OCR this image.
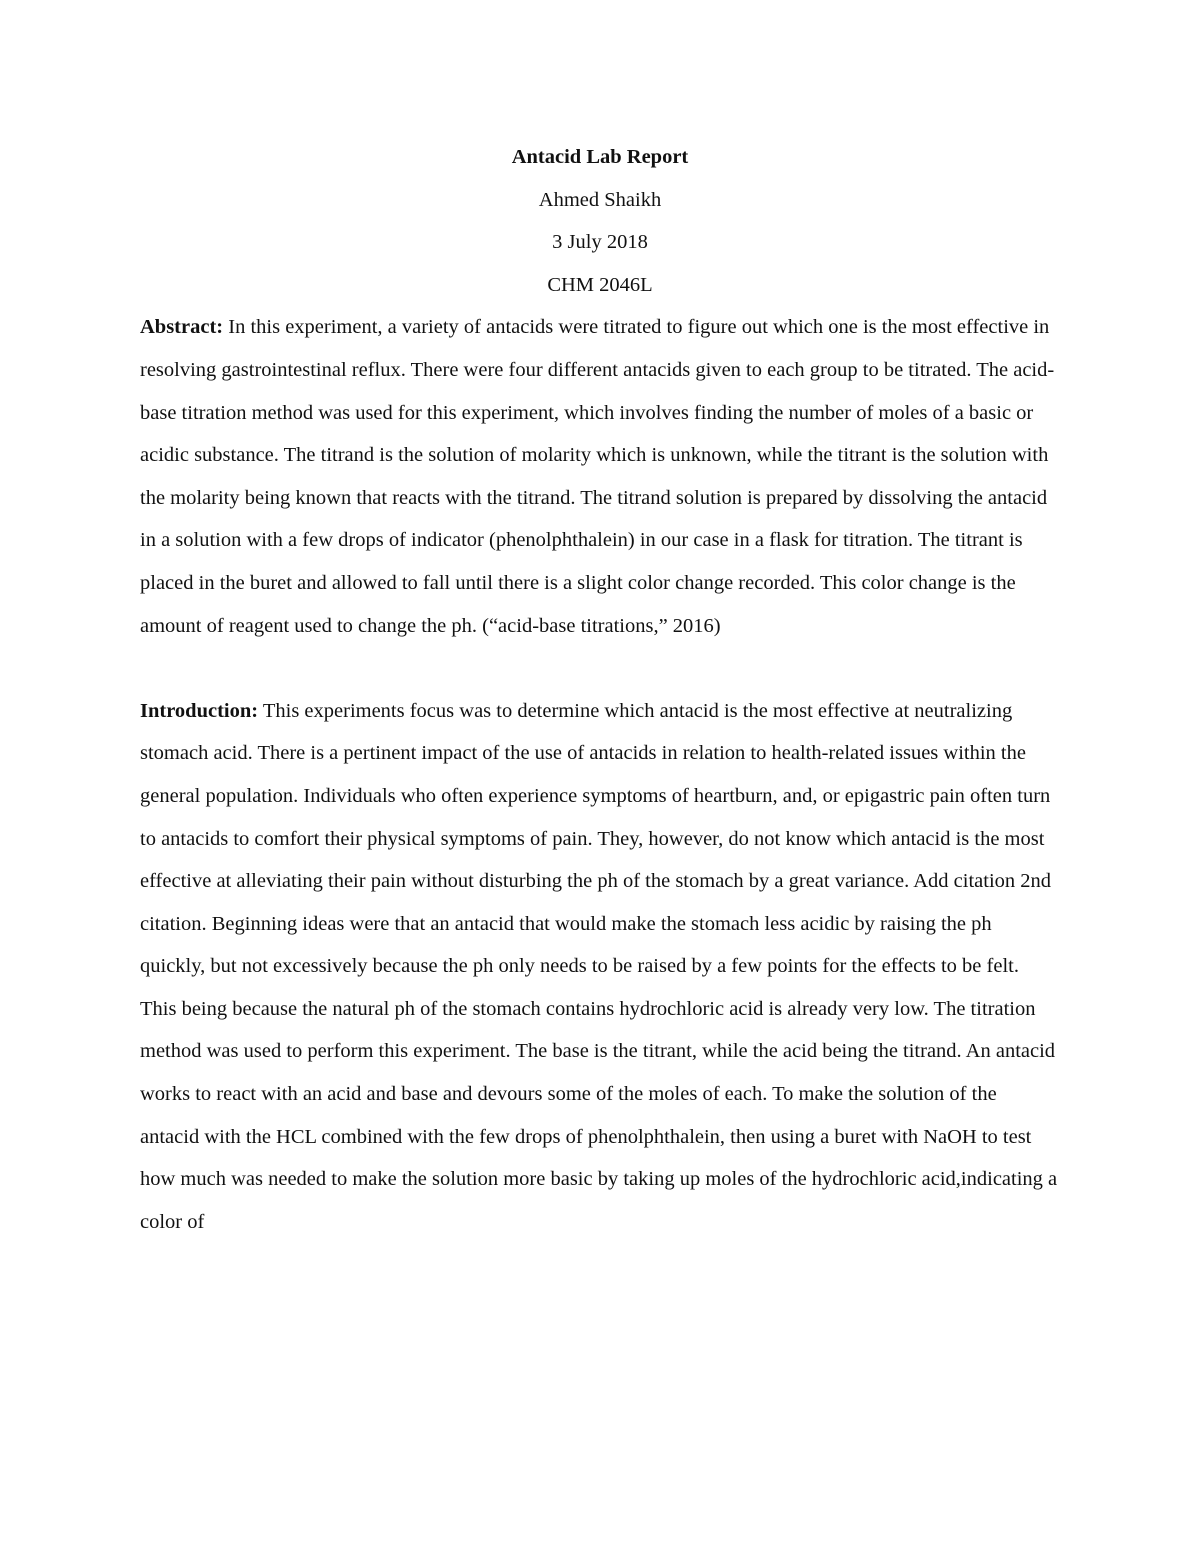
Antacid Lab Report
Ahmed Shaikh
3 July 2018
CHM 2046L

Abstract: In this experiment, a variety of antacids were titrated to figure out which one is the most effective in resolving gastrointestinal reflux. There were four different antacids given to each group to be titrated. The acid-base titration method was used for this experiment, which involves finding the number of moles of a basic or acidic substance. The titrand is the solution of molarity which is unknown, while the titrant is the solution with the molarity being known that reacts with the titrand. The titrand solution is prepared by dissolving the antacid in a solution with a few drops of indicator (phenolphthalein) in our case in a flask for titration. The titrant is placed in the buret and allowed to fall until there is a slight color change recorded. This color change is the amount of reagent used to change the ph. (“acid-base titrations,” 2016)

Introduction: This experiments focus was to determine which antacid is the most effective at neutralizing stomach acid. There is a pertinent impact of the use of antacids in relation to health-related issues within the general population. Individuals who often experience symptoms of heartburn, and, or epigastric pain often turn to antacids to comfort their physical symptoms of pain. They, however, do not know which antacid is the most effective at alleviating their pain without disturbing the ph of the stomach by a great variance. Add citation 2nd citation. Beginning ideas were that an antacid that would make the stomach less acidic by raising the ph quickly, but not excessively because the ph only needs to be raised by a few points for the effects to be felt. This being because the natural ph of the stomach contains hydrochloric acid is already very low. The titration method was used to perform this experiment. The base is the titrant, while the acid being the titrand. An antacid works to react with an acid and base and devours some of the moles of each. To make the solution of the antacid with the HCL combined with the few drops of phenolphthalein, then using a buret with NaOH to test how much was needed to make the solution more basic by taking up moles of the hydrochloric acid,indicating a color of
